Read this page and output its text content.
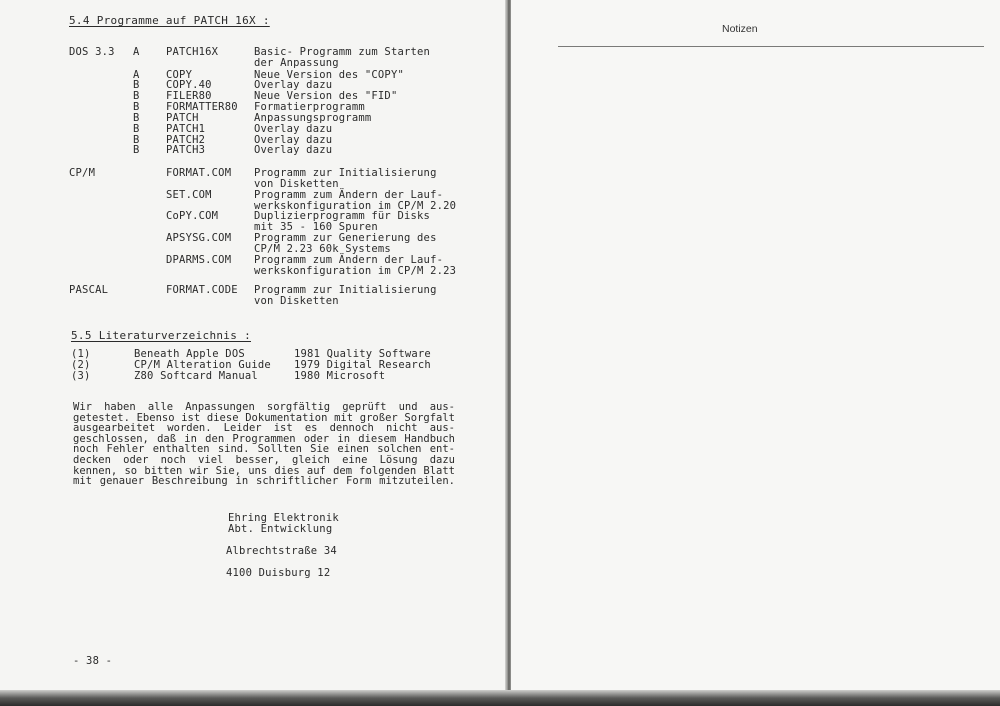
5.4 Programme auf PATCH 16X :
DOS 3.3 A	PATCH16X	Basic- Programm zum Starten
der Anpassung
A	COPY	Neue Version des "COPY"
B	COPY.40	Overlay dazu
B	FILER80	Neue Version des "FID"
B	FORMATTER80 Formatierprogramm
B	PATCH	Anpassungsprogramm
B	PATCH1	Overlay dazu
B	PATCH2	Overlay dazu
B	PATCH3	Overlay dazu
CP/M	FORMAT.COM Programm zur Initialisierung
von Disketten
SET.COM	Programm zum Ändern der Lauf-
werkskonfiguration im CP/M 2.20
CoPY.COM	Duplizierprogramm für Disks
mit 35 - 160 Spuren
APSYSG.COM Programm zur Generierung des
CP/M 2.23 60k Systems
DPARMS.COM Programm zum Ändern der Lauf-
werkskonfiguration im CP/M 2.23
PASCAL	FORMAT.CODE Programm zur Initialisierung
von Disketten
5.5 Literaturverzeichnis :
(1)	Beneath Apple DOS	1981 Quality Software
(2)	CP/M Alteration Guide 1979 Digital Research
(3)	Z80 Softcard Manual	1980 Microsoft

Wir haben alle Anpassungen sorgfältig geprüft und aus-

getestet. Ebenso ist diese Dokumentation mit großer Sorgfalt

ausgearbeitet worden. Leider ist es dennoch nicht aus-

geschlossen, daß in den Programmen oder in diesem Handbuch

noch Fehler enthalten sind. Sollten Sie einen solchen ent-

decken oder noch viel besser, gleich eine Lösung dazu

kennen, so bitten wir Sie, uns dies auf dem folgenden Blatt

mit genauer Beschreibung in schriftlicher Form mitzuteilen.

Ehring Elektronik
Abt. Entwicklung
Albrechtstraße 34
4100 Duisburg 12
- 38 -
Notizen
